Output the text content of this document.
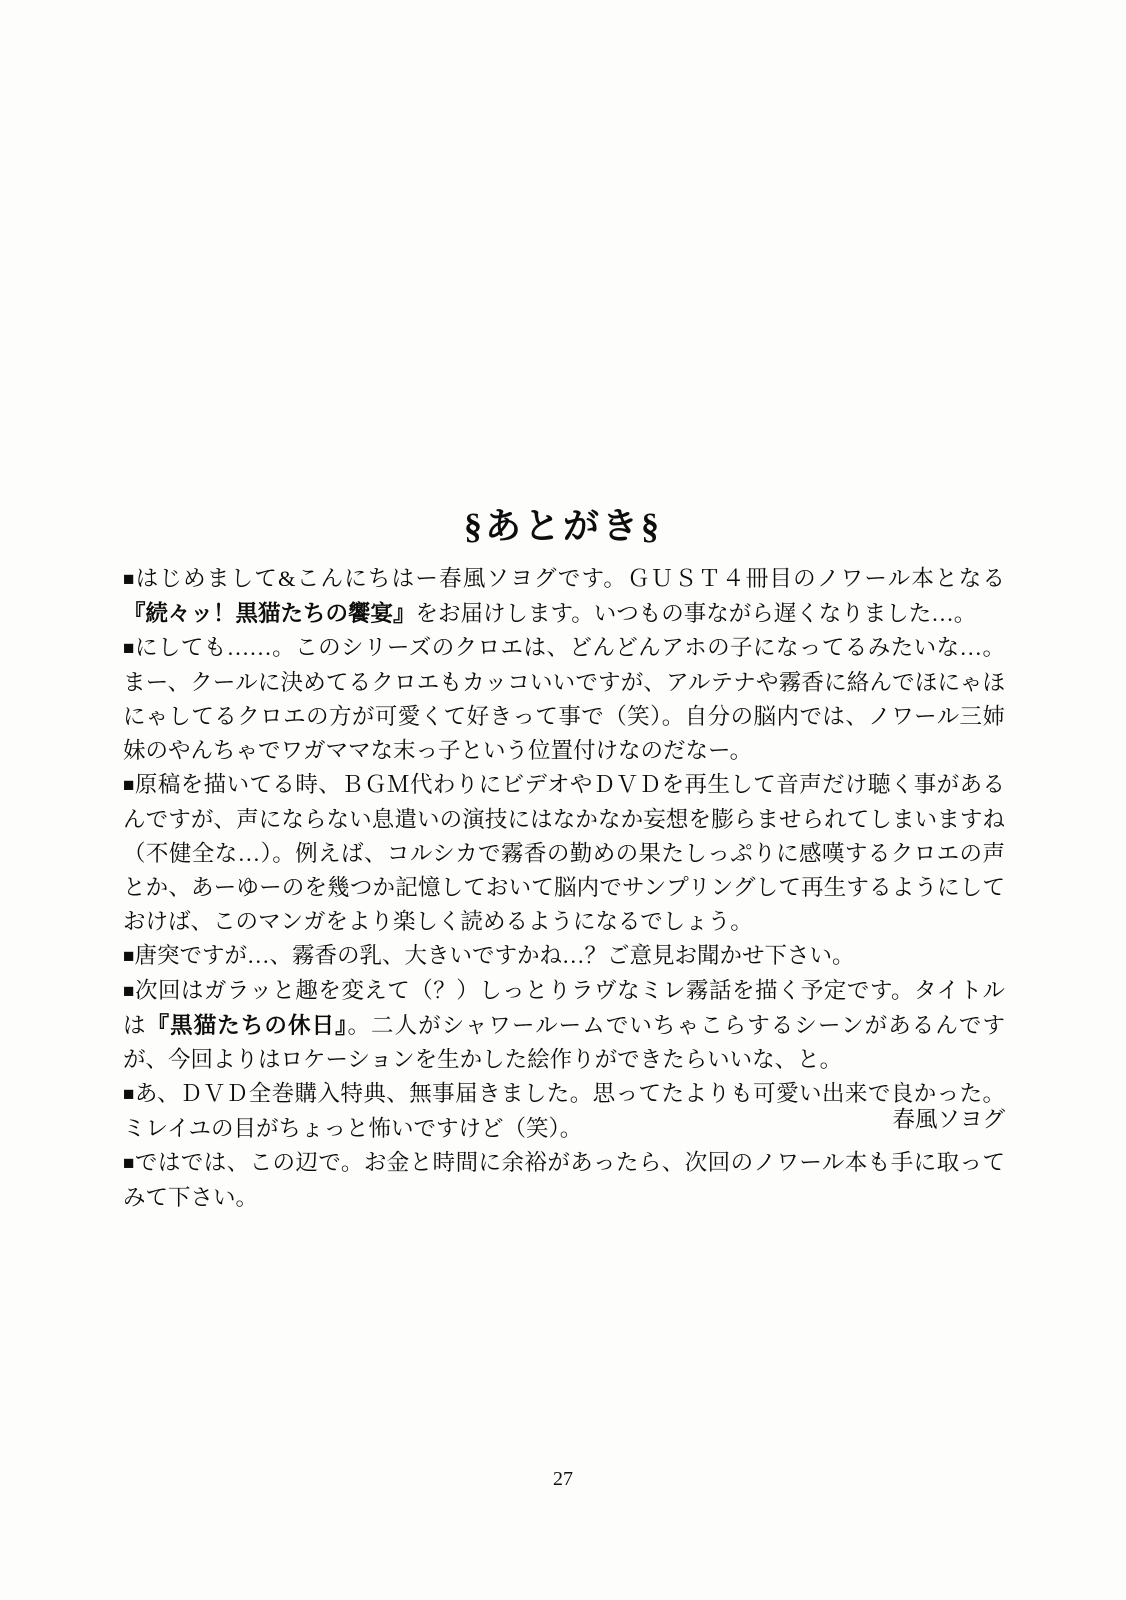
§あとがき§
■はじめまして&こんにちはー春風ソヨグです。ＧＵＳＴ４冊目のノワール本となる『続々ッ！黒猫たちの饗宴』をお届けします。いつもの事ながら遅くなりました…。
■にしても……。このシリーズのクロエは、どんどんアホの子になってるみたいな…。まー、クールに決めてるクロエもカッコいいですが、アルテナや霧香に絡んでほにゃほにゃしてるクロエの方が可愛くて好きって事で（笑）。自分の脳内では、ノワール三姉妹のやんちゃでワガママな末っ子という位置付けなのだなー。
■原稿を描いてる時、ＢＧＭ代わりにビデオやＤＶＤを再生して音声だけ聴く事があるんですが、声にならない息遣いの演技にはなかなか妄想を膨らませられてしまいますね（不健全な…）。例えば、コルシカで霧香の勤めの果たしっぷりに感嘆するクロエの声とか、あーゆーのを幾つか記憶しておいて脳内でサンプリングして再生するようにしておけば、このマンガをより楽しく読めるようになるでしょう。
■唐突ですが…、霧香の乳、大きいですかね…？ご意見お聞かせ下さい。
■次回はガラッと趣を変えて（？）しっとりラヴなミレ霧話を描く予定です。タイトルは『黒猫たちの休日』。二人がシャワールームでいちゃこらするシーンがあるんですが、今回よりはロケーションを生かした絵作りができたらいいな、と。
■あ、ＤＶＤ全巻購入特典、無事届きました。思ってたよりも可愛い出来で良かった。ミレイユの目がちょっと怖いですけど（笑）。
■ではでは、この辺で。お金と時間に余裕があったら、次回のノワール本も手に取ってみて下さい。
春風ソヨグ
27
